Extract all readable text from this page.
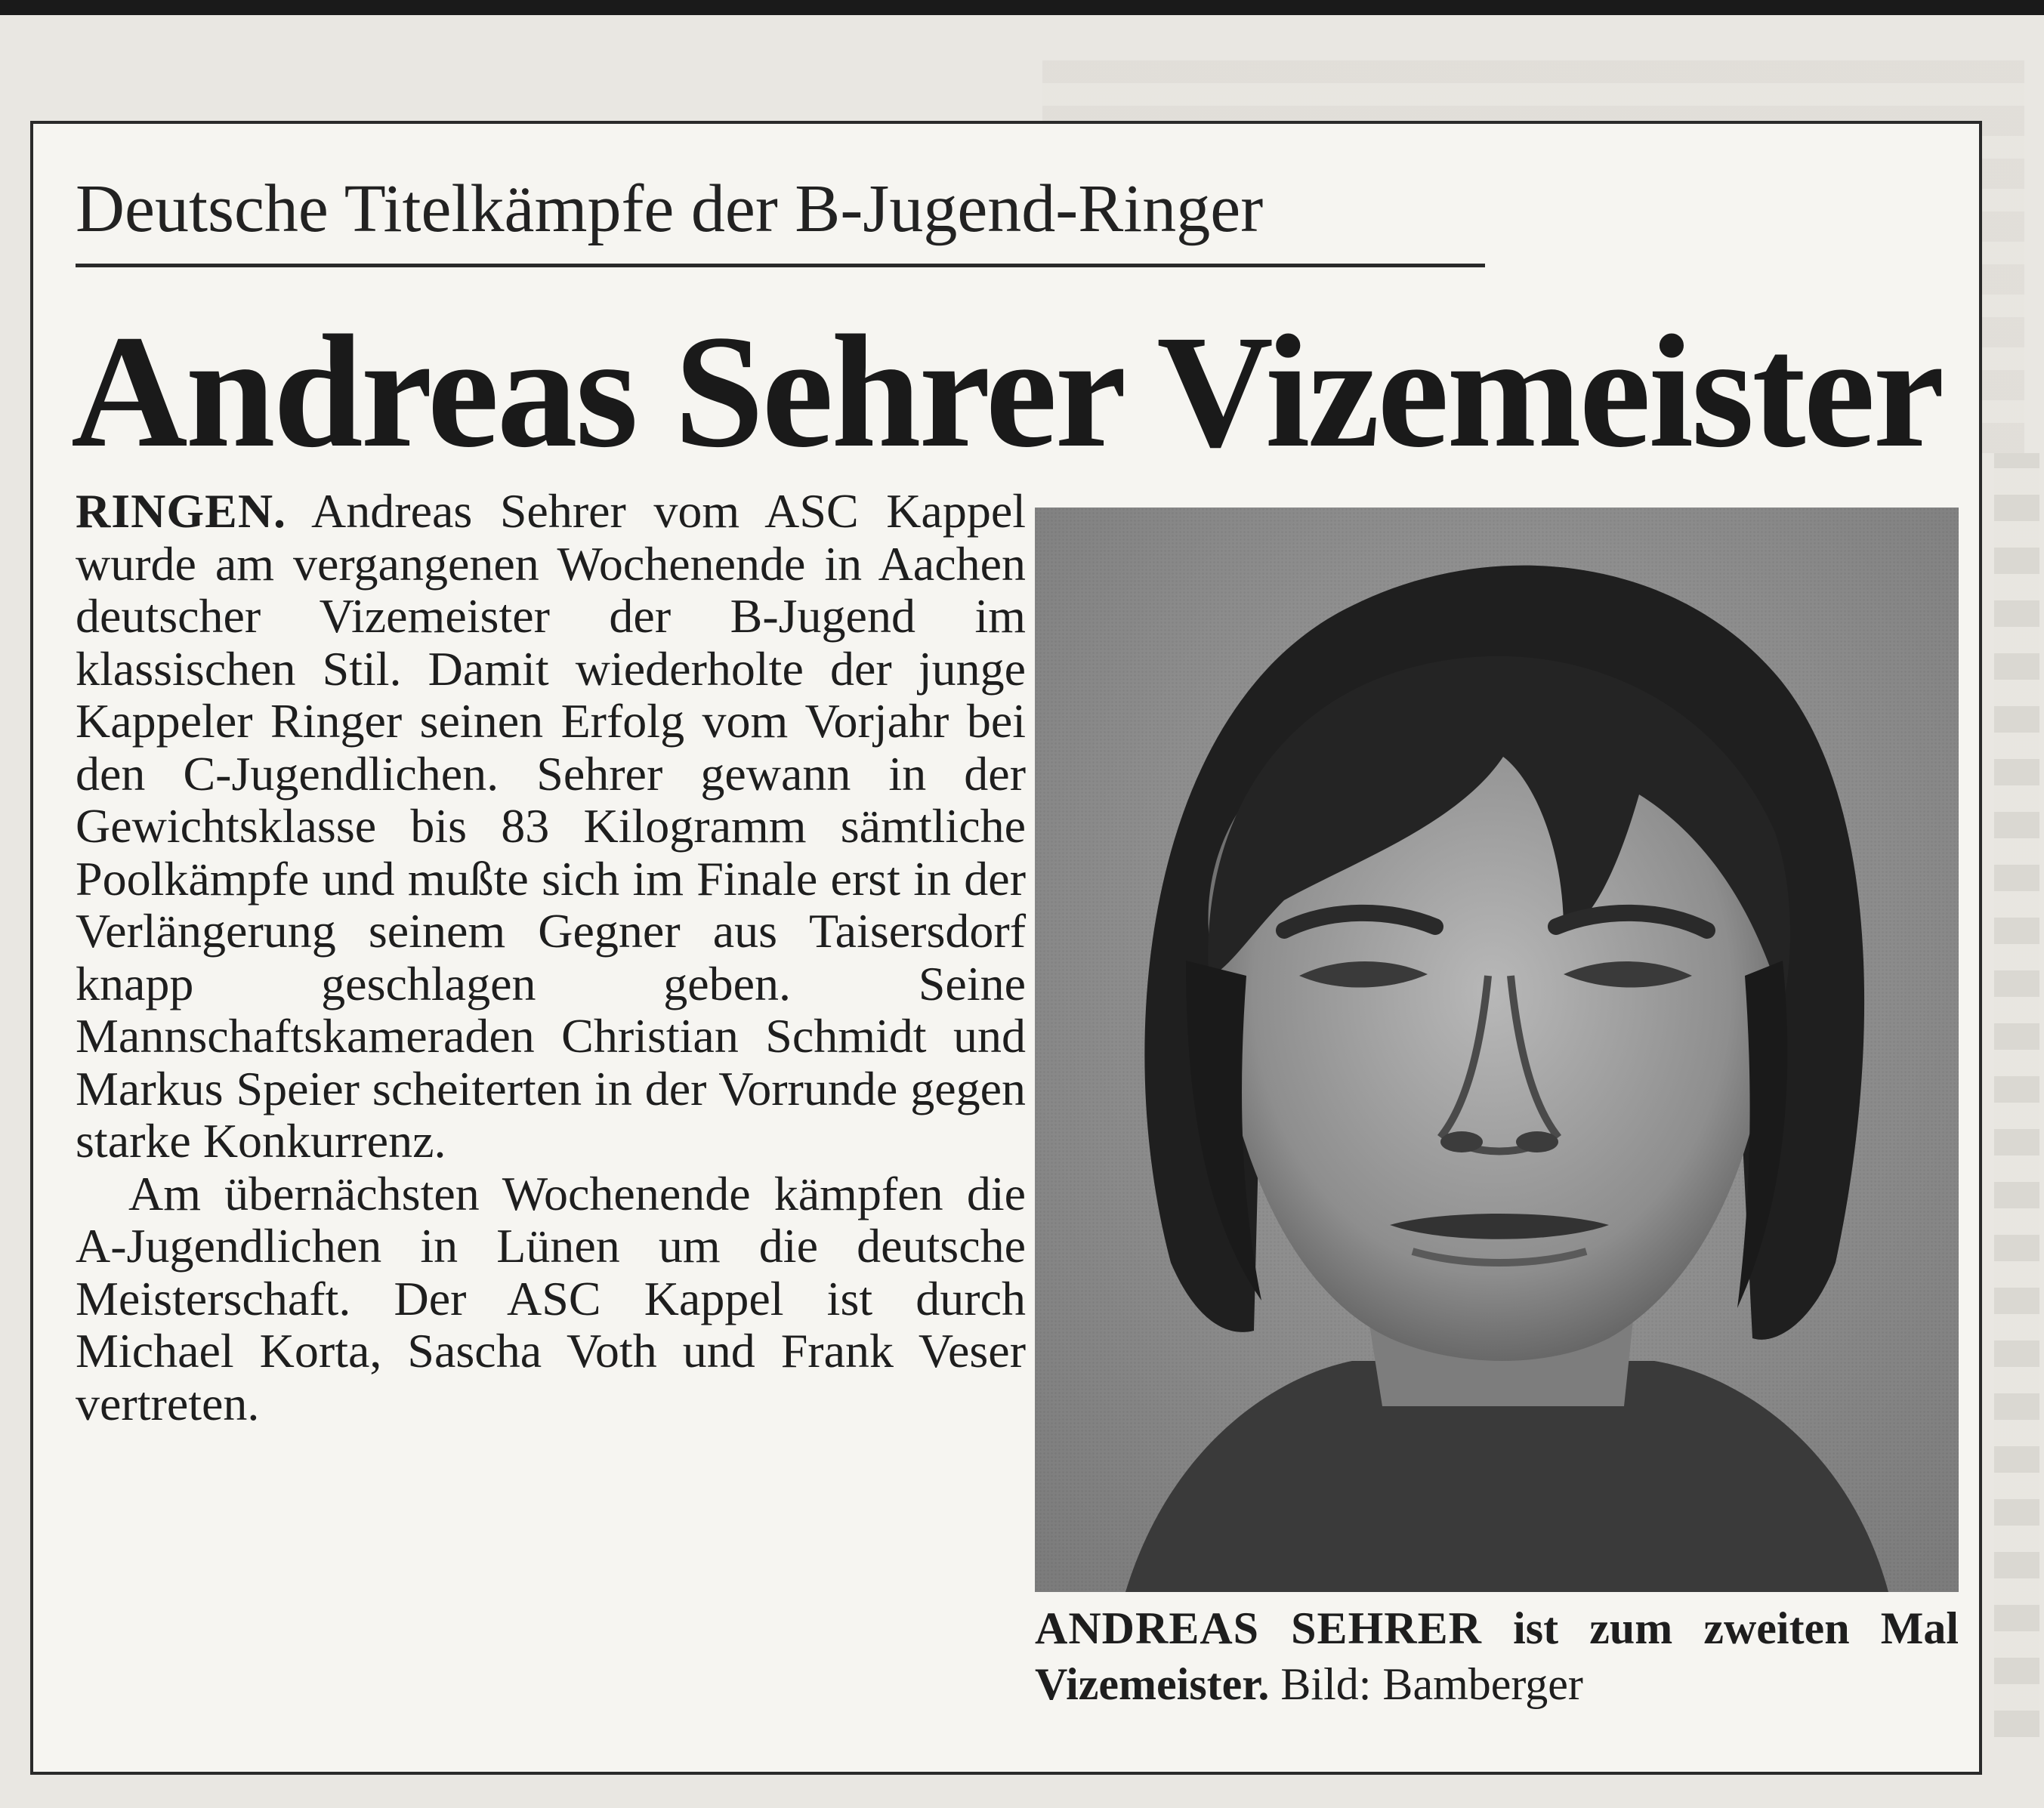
Deutsche Titelkämpfe der B-Jugend-Ringer
Andreas Sehrer Vizemeister

RINGEN. Andreas Sehrer vom ASC Kappel wurde am vergangenen Wochenende in Aachen deutscher Vizemeister der B-Jugend im klassischen Stil. Damit wiederholte der junge Kappeler Ringer seinen Erfolg vom Vorjahr bei den C-Jugendlichen. Sehrer gewann in der Gewichtsklasse bis 83 Kilogramm sämtliche Poolkämpfe und mußte sich im Finale erst in der Verlängerung seinem Gegner aus Taisersdorf knapp geschlagen geben. Seine Mannschaftskameraden Christian Schmidt und Markus Speier scheiterten in der Vorrunde gegen starke Konkurrenz.

Am übernächsten Wochenende kämpfen die A-Jugendlichen in Lünen um die deutsche Meisterschaft. Der ASC Kappel ist durch Michael Korta, Sascha Voth und Frank Veser vertreten.

ANDREAS SEHRER ist zum zweiten Mal Vizemeister. Bild: Bamberger
